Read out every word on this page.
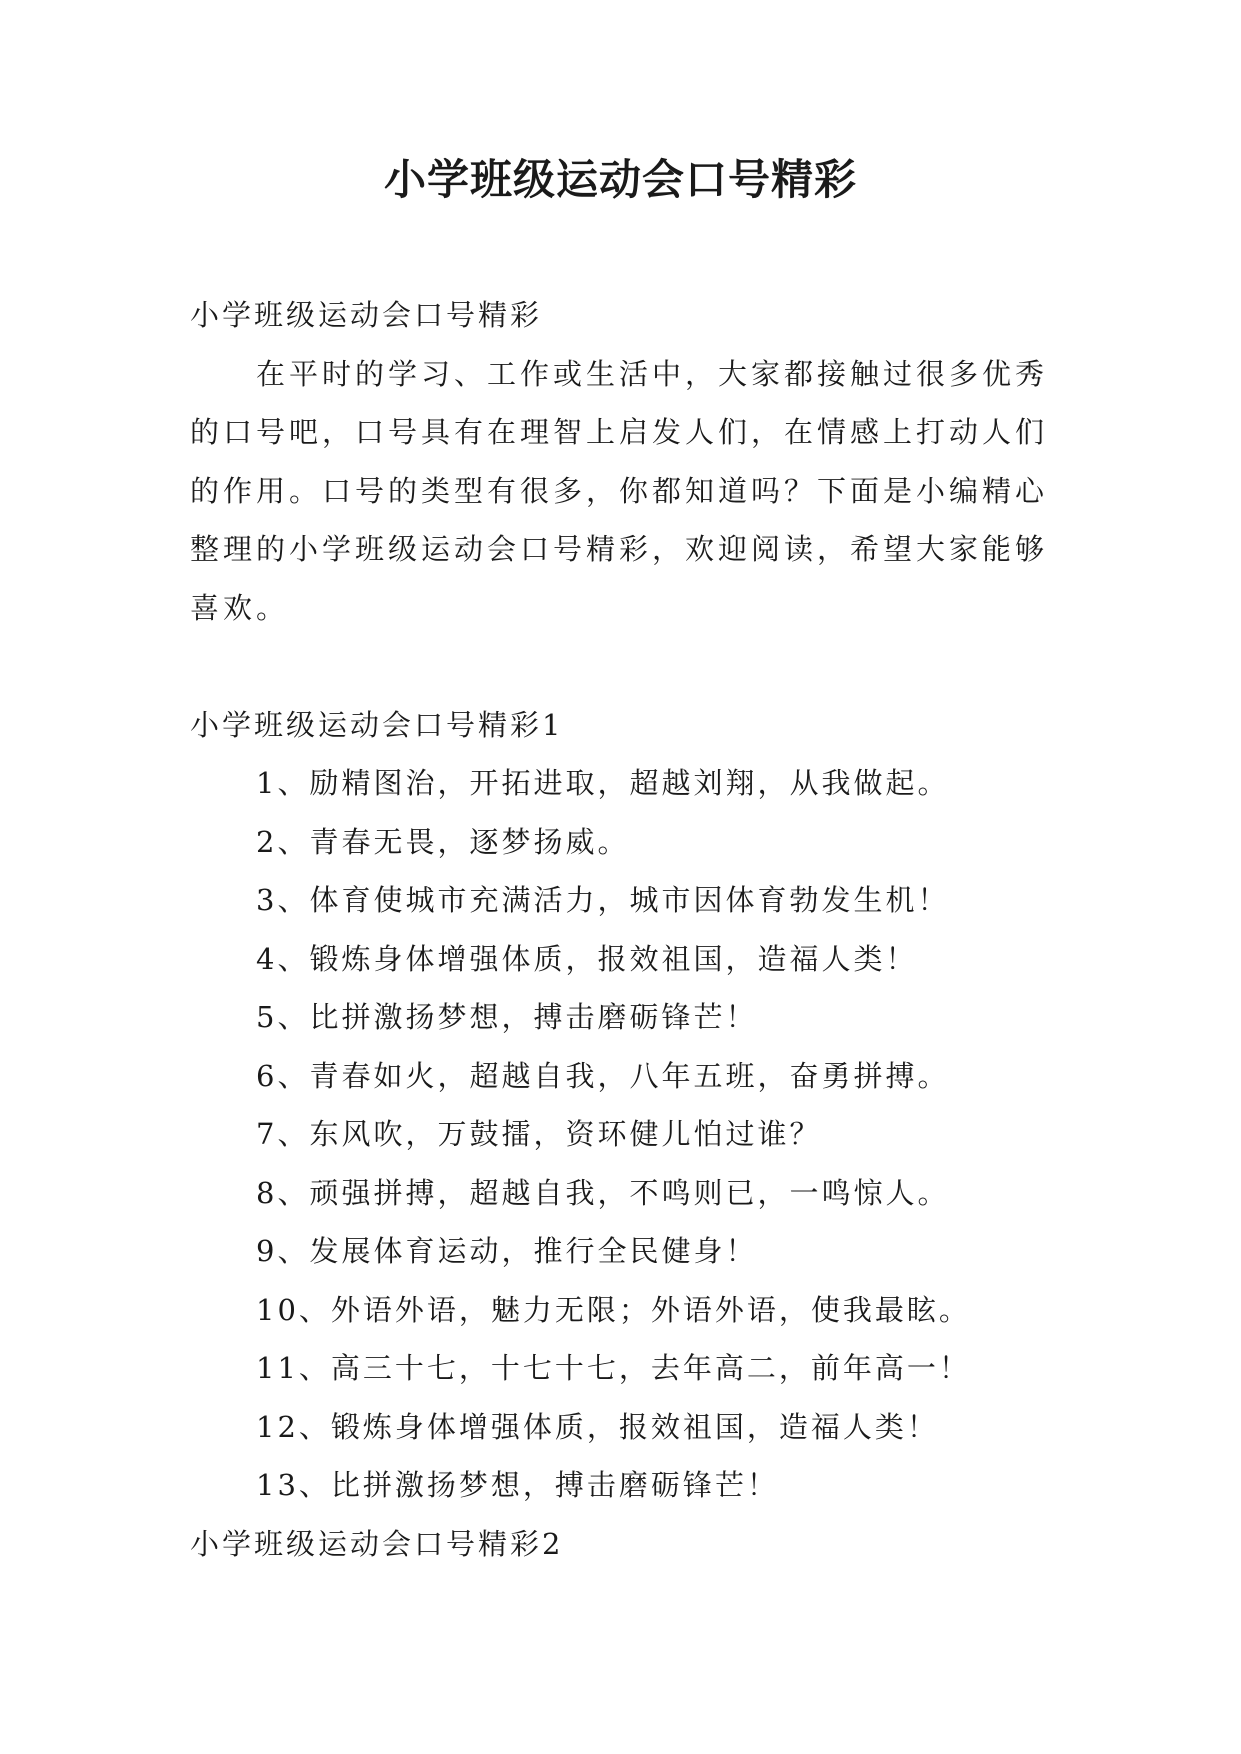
小学班级运动会口号精彩

小学班级运动会口号精彩

在平时的学习、工作或生活中，大家都接触过很多优秀的口号吧，口号具有在理智上启发人们，在情感上打动人们的作用。口号的类型有很多，你都知道吗？下面是小编精心整理的小学班级运动会口号精彩，欢迎阅读，希望大家能够喜欢。

小学班级运动会口号精彩1

1、励精图治，开拓进取，超越刘翔，从我做起。

2、青春无畏，逐梦扬威。

3、体育使城市充满活力，城市因体育勃发生机！

4、锻炼身体增强体质，报效祖国，造福人类！

5、比拼激扬梦想，搏击磨砺锋芒！

6、青春如火，超越自我，八年五班，奋勇拼搏。

7、东风吹，万鼓擂，资环健儿怕过谁？

8、顽强拼搏，超越自我，不鸣则已，一鸣惊人。

9、发展体育运动，推行全民健身！

10、外语外语，魅力无限；外语外语，使我最眩。

11、高三十七，十七十七，去年高二，前年高一！

12、锻炼身体增强体质，报效祖国，造福人类！

13、比拼激扬梦想，搏击磨砺锋芒！

小学班级运动会口号精彩2
